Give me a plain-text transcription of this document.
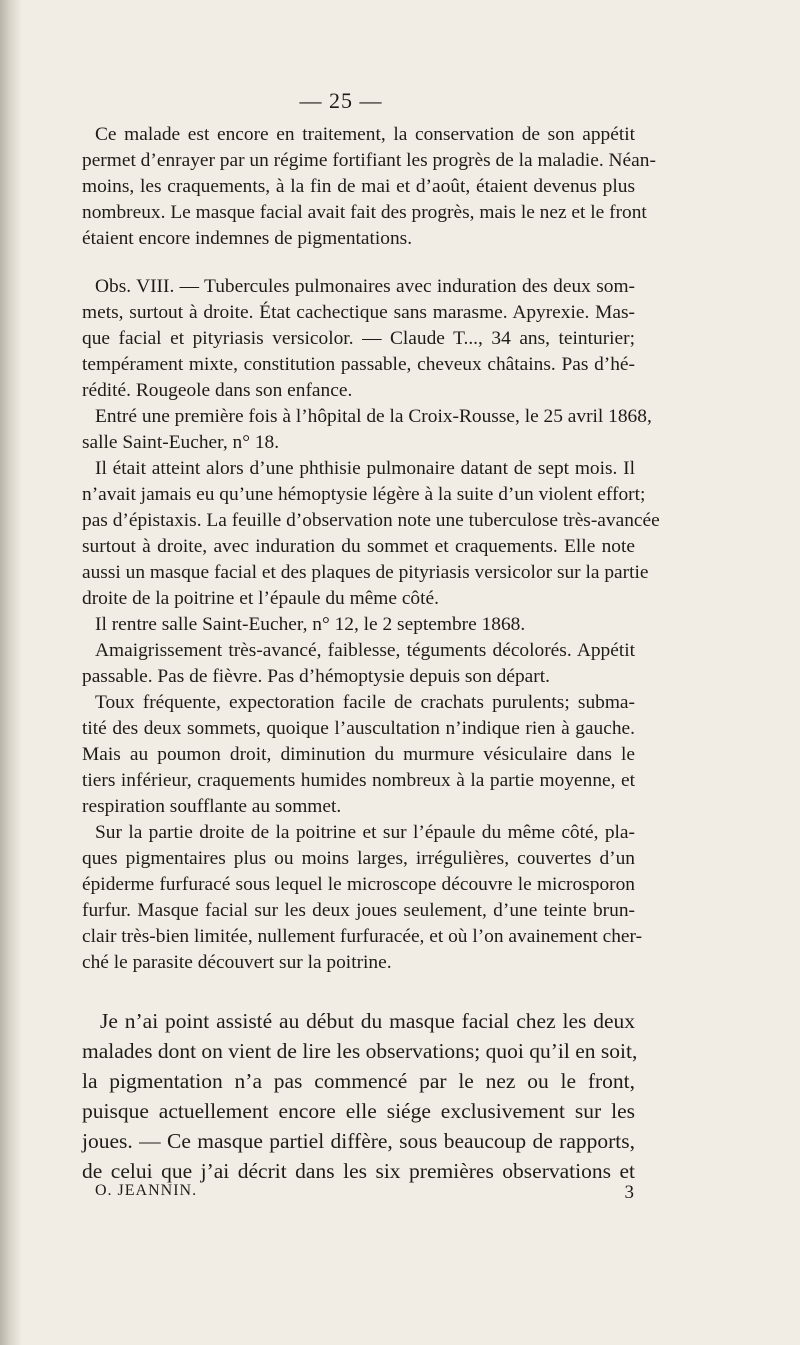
— 25 —
Ce malade est encore en traitement, la conservation de son appétit
permet d’enrayer par un régime fortifiant les progrès de la maladie. Néan-
moins, les craquements, à la fin de mai et d’août, étaient devenus plus
nombreux. Le masque facial avait fait des progrès, mais le nez et le front
étaient encore indemnes de pigmentations.
Obs. VIII. — Tubercules pulmonaires avec induration des deux som-
mets, surtout à droite. État cachectique sans marasme. Apyrexie. Mas-
que facial et pityriasis versicolor. — Claude T..., 34 ans, teinturier;
tempérament mixte, constitution passable, cheveux châtains. Pas d’hé-
rédité. Rougeole dans son enfance.
Entré une première fois à l’hôpital de la Croix-Rousse, le 25 avril 1868,
salle Saint-Eucher, n° 18.
Il était atteint alors d’une phthisie pulmonaire datant de sept mois. Il
n’avait jamais eu qu’une hémoptysie légère à la suite d’un violent effort;
pas d’épistaxis. La feuille d’observation note une tuberculose très-avancée
surtout à droite, avec induration du sommet et craquements. Elle note
aussi un masque facial et des plaques de pityriasis versicolor sur la partie
droite de la poitrine et l’épaule du même côté.
Il rentre salle Saint-Eucher, n° 12, le 2 septembre 1868.
Amaigrissement très-avancé, faiblesse, téguments décolorés. Appétit
passable. Pas de fièvre. Pas d’hémoptysie depuis son départ.
Toux fréquente, expectoration facile de crachats purulents; subma-
tité des deux sommets, quoique l’auscultation n’indique rien à gauche.
Mais au poumon droit, diminution du murmure vésiculaire dans le
tiers inférieur, craquements humides nombreux à la partie moyenne, et
respiration soufflante au sommet.
Sur la partie droite de la poitrine et sur l’épaule du même côté, pla-
ques pigmentaires plus ou moins larges, irrégulières, couvertes d’un
épiderme furfuracé sous lequel le microscope découvre le microsporon
furfur. Masque facial sur les deux joues seulement, d’une teinte brun-
clair très-bien limitée, nullement furfuracée, et où l’on avainement cher-
ché le parasite découvert sur la poitrine.
Je n’ai point assisté au début du masque facial chez les deux
malades dont on vient de lire les observations; quoi qu’il en soit,
la pigmentation n’a pas commencé par le nez ou le front,
puisque actuellement encore elle siége exclusivement sur les
joues. — Ce masque partiel diffère, sous beaucoup de rapports,
de celui que j’ai décrit dans les six premières observations et
O. JEANNIN.	3
